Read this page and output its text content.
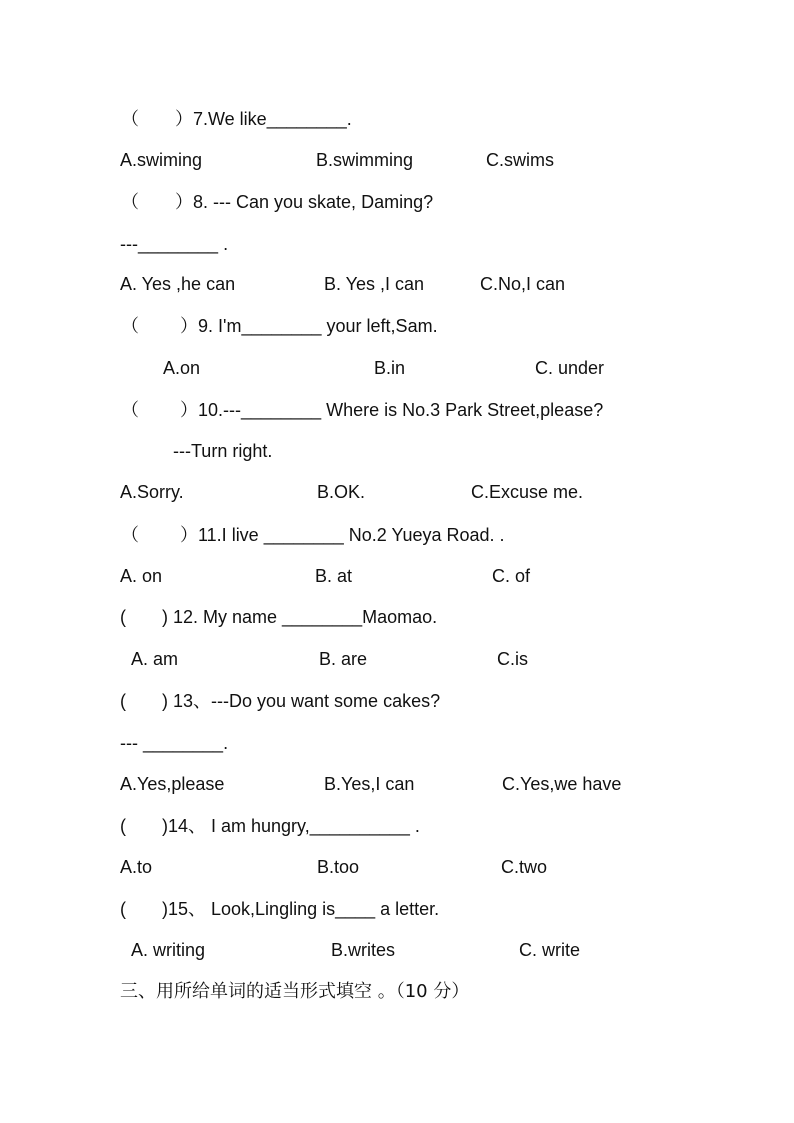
（　　）7.We like________.
A.swiming	B.swimming	C.swims
（　　）8. --- Can you skate, Daming?
---________ .
A. Yes ,he can	B. Yes ,I can	C.No,I can
（　　 ）9. I'm________ your left,Sam.
A.on	B.in	C. under
（　　 ）10.---________ Where is No.3 Park Street,please?
---Turn right.
A.Sorry.	B.OK.	C.Excuse me.
（　　 ）11.I live ________ No.2 Yueya Road. .
A. on	B. at	C. of
(　　) 12. My name ________Maomao.
A. am	B. are	C.is
(　　) 13、---Do you want some cakes?
--- ________.
A.Yes,please	B.Yes,I can	C.Yes,we have
(　　)14、 I am hungry,__________ .
A.to	B.too	C.two
(　　)15、 Look,Lingling is____ a letter.
A. writing	B.writes	C. write
三、用所给单词的适当形式填空 。（10 分）
